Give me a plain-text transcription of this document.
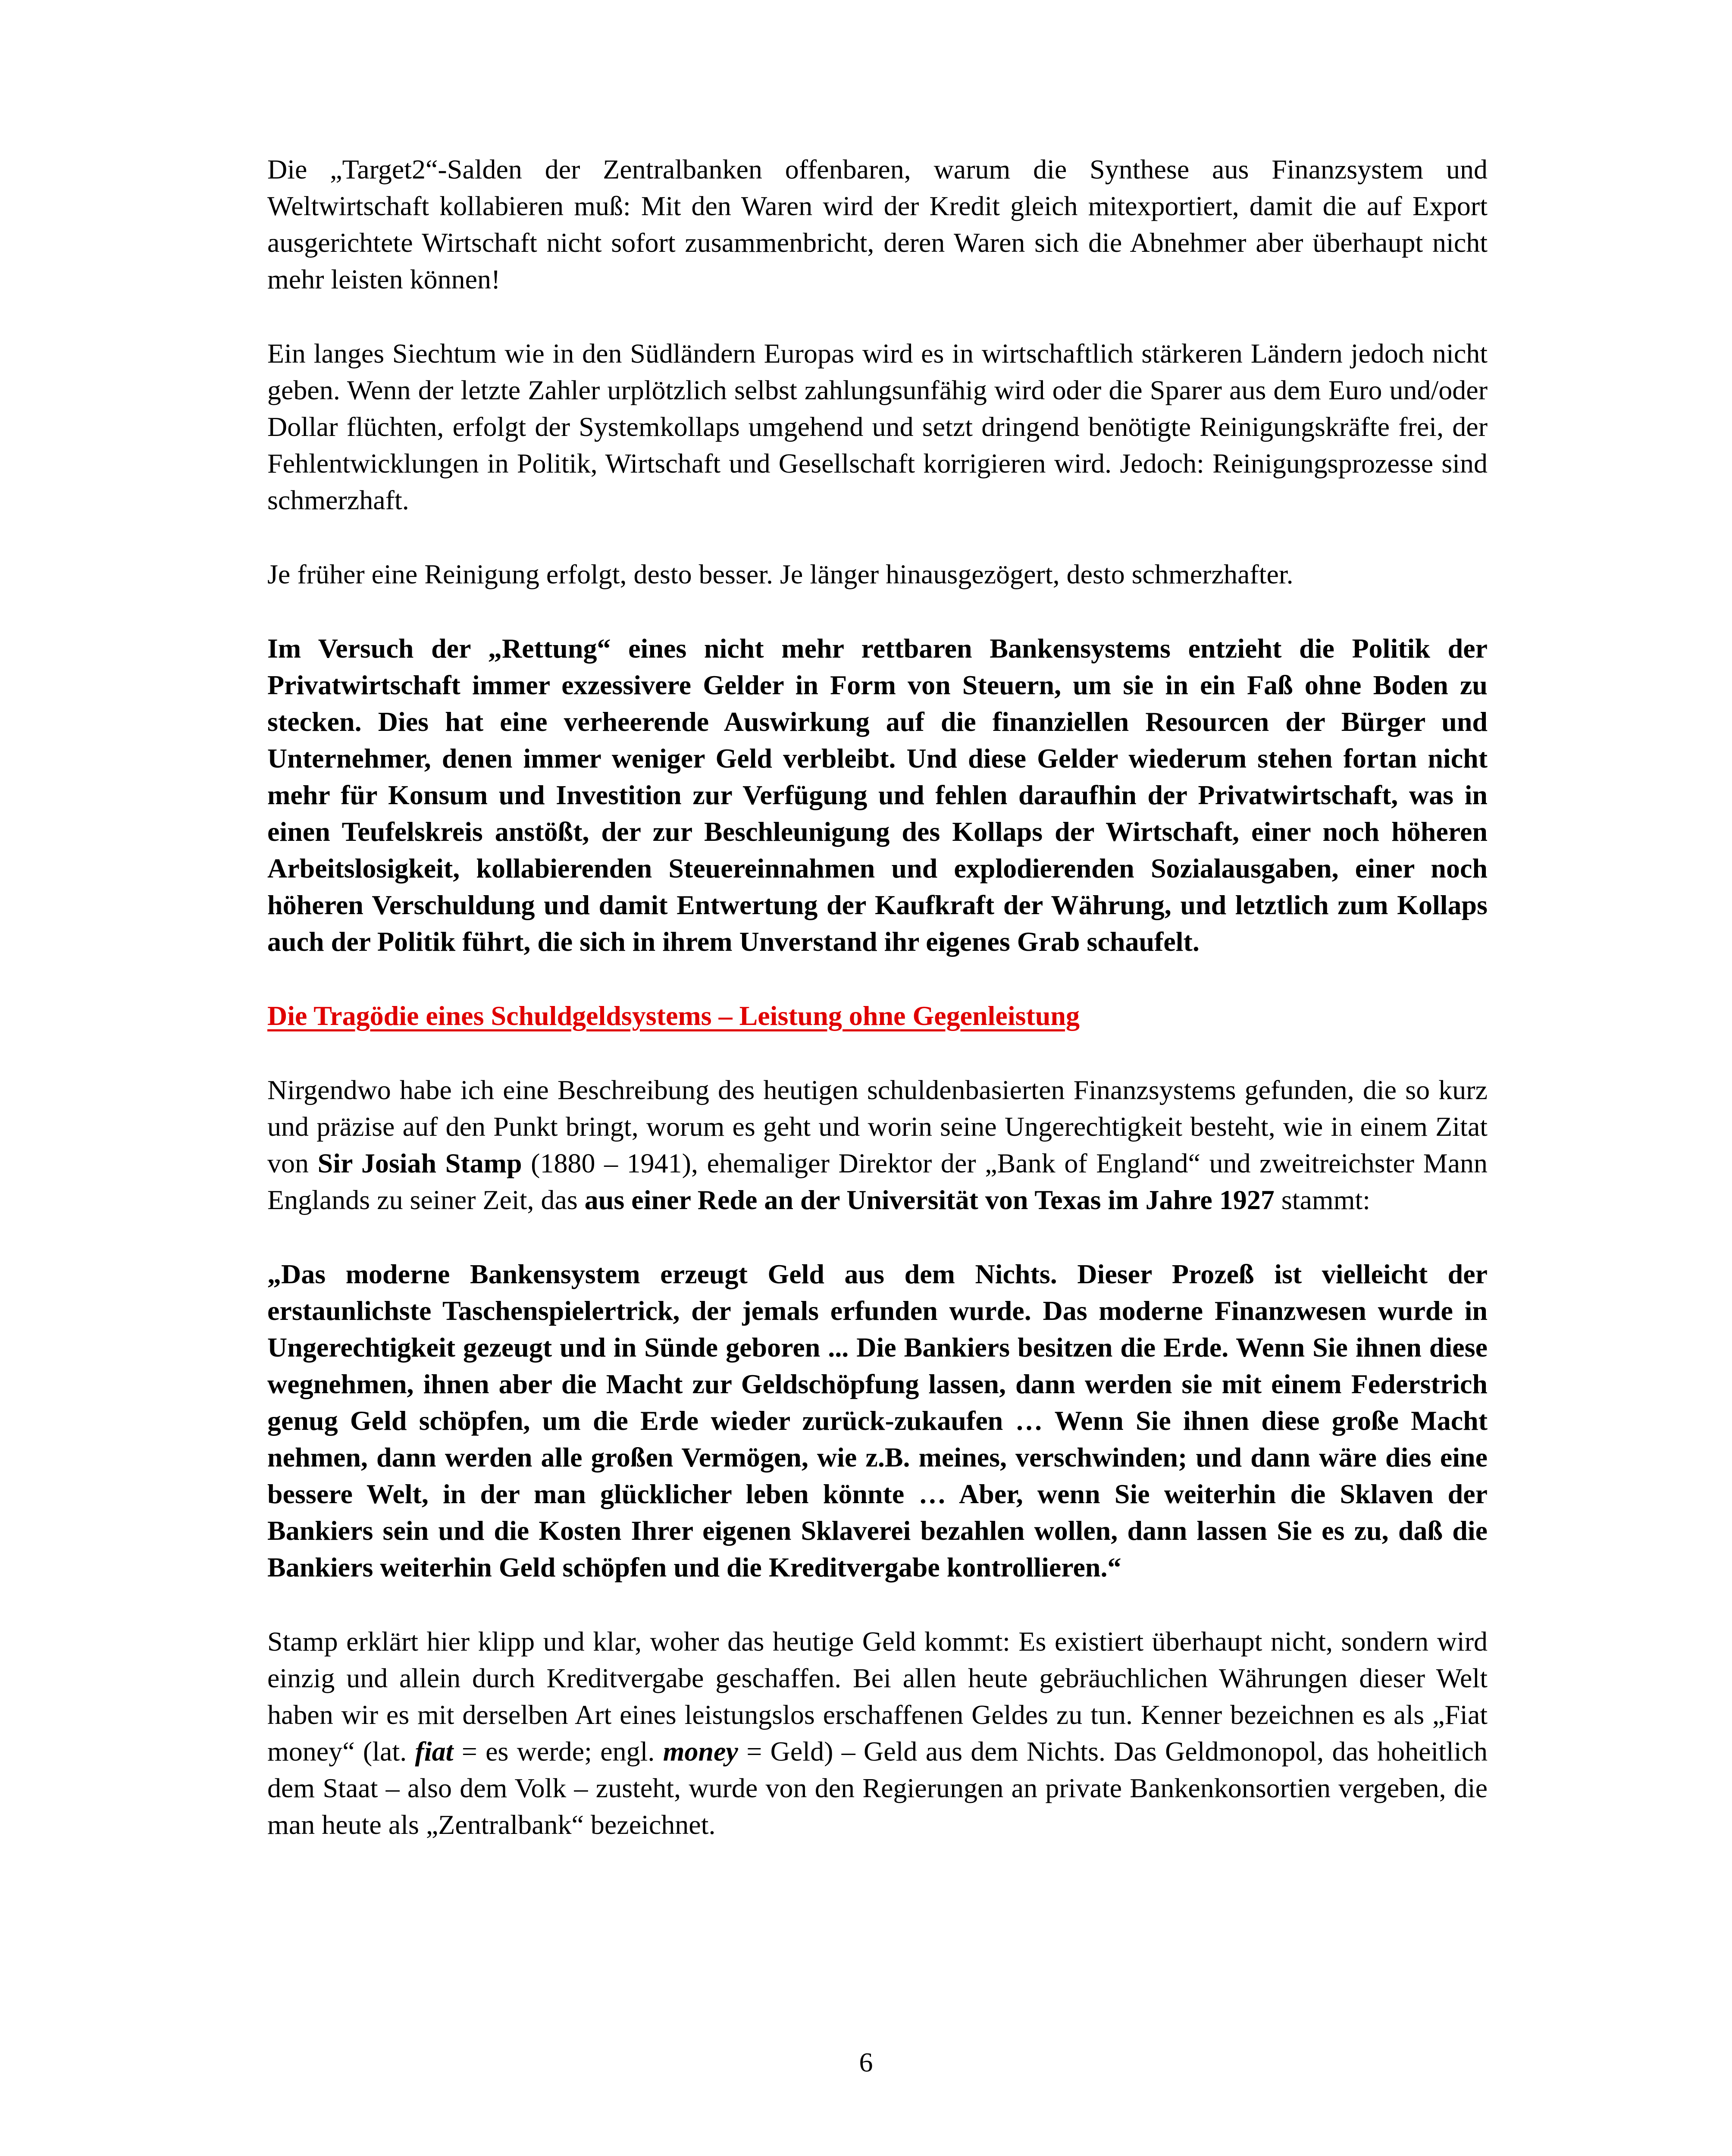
Die „Target2“-Salden der Zentralbanken offenbaren, warum die Synthese aus Finanzsystem und Weltwirtschaft kollabieren muß: Mit den Waren wird der Kredit gleich mitexportiert, damit die auf Export ausgerichtete Wirtschaft nicht sofort zusammenbricht, deren Waren sich die Abnehmer aber überhaupt nicht mehr leisten können!

Ein langes Siechtum wie in den Südländern Europas wird es in wirtschaftlich stärkeren Ländern jedoch nicht geben. Wenn der letzte Zahler urplötzlich selbst zahlungsunfähig wird oder die Sparer aus dem Euro und/oder Dollar flüchten, erfolgt der Systemkollaps umgehend und setzt dringend benötigte Reinigungskräfte frei, der Fehlentwicklungen in Politik, Wirtschaft und Gesellschaft korrigieren wird. Jedoch: Reinigungsprozesse sind schmerzhaft.

Je früher eine Reinigung erfolgt, desto besser. Je länger hinausgezögert, desto schmerzhafter.

Im Versuch der „Rettung“ eines nicht mehr rettbaren Bankensystems entzieht die Politik der Privatwirtschaft immer exzessivere Gelder in Form von Steuern, um sie in ein Faß ohne Boden zu stecken. Dies hat eine verheerende Auswirkung auf die finanziellen Resourcen der Bürger und Unternehmer, denen immer weniger Geld verbleibt. Und diese Gelder wiederum stehen fortan nicht mehr für Konsum und Investition zur Verfügung und fehlen daraufhin der Privatwirtschaft, was in einen Teufelskreis anstößt, der zur Beschleunigung des Kollaps der Wirtschaft, einer noch höheren Arbeitslosigkeit, kollabierenden Steuereinnahmen und explodierenden Sozialausgaben, einer noch höheren Verschuldung und damit Entwertung der Kaufkraft der Währung, und letztlich zum Kollaps auch der Politik führt, die sich in ihrem Unverstand ihr eigenes Grab schaufelt.

Die Tragödie eines Schuldgeldsystems – Leistung ohne Gegenleistung

Nirgendwo habe ich eine Beschreibung des heutigen schuldenbasierten Finanzsystems gefunden, die so kurz und präzise auf den Punkt bringt, worum es geht und worin seine Ungerechtigkeit besteht, wie in einem Zitat von Sir Josiah Stamp (1880 – 1941), ehemaliger Direktor der „Bank of England“ und zweitreichster Mann Englands zu seiner Zeit, das aus einer Rede an der Universität von Texas im Jahre 1927 stammt:

„Das moderne Bankensystem erzeugt Geld aus dem Nichts. Dieser Prozeß ist vielleicht der erstaunlichste Taschenspielertrick, der jemals erfunden wurde. Das moderne Finanzwesen wurde in Ungerechtigkeit gezeugt und in Sünde geboren ... Die Bankiers besitzen die Erde. Wenn Sie ihnen diese wegnehmen, ihnen aber die Macht zur Geldschöpfung lassen, dann werden sie mit einem Federstrich genug Geld schöpfen, um die Erde wieder zurück-zukaufen … Wenn Sie ihnen diese große Macht nehmen, dann werden alle großen Vermögen, wie z.B. meines, verschwinden; und dann wäre dies eine bessere Welt, in der man glücklicher leben könnte … Aber, wenn Sie weiterhin die Sklaven der Bankiers sein und die Kosten Ihrer eigenen Sklaverei bezahlen wollen, dann lassen Sie es zu, daß die Bankiers weiterhin Geld schöpfen und die Kreditvergabe kontrollieren.“

Stamp erklärt hier klipp und klar, woher das heutige Geld kommt: Es existiert überhaupt nicht, sondern wird einzig und allein durch Kreditvergabe geschaffen. Bei allen heute gebräuchlichen Währungen dieser Welt haben wir es mit derselben Art eines leistungslos erschaffenen Geldes zu tun. Kenner bezeichnen es als „Fiat money“ (lat. fiat = es werde; engl. money = Geld) – Geld aus dem Nichts. Das Geldmonopol, das hoheitlich dem Staat – also dem Volk – zusteht, wurde von den Regierungen an private Bankenkonsortien vergeben, die man heute als „Zentralbank“ bezeichnet.

6
